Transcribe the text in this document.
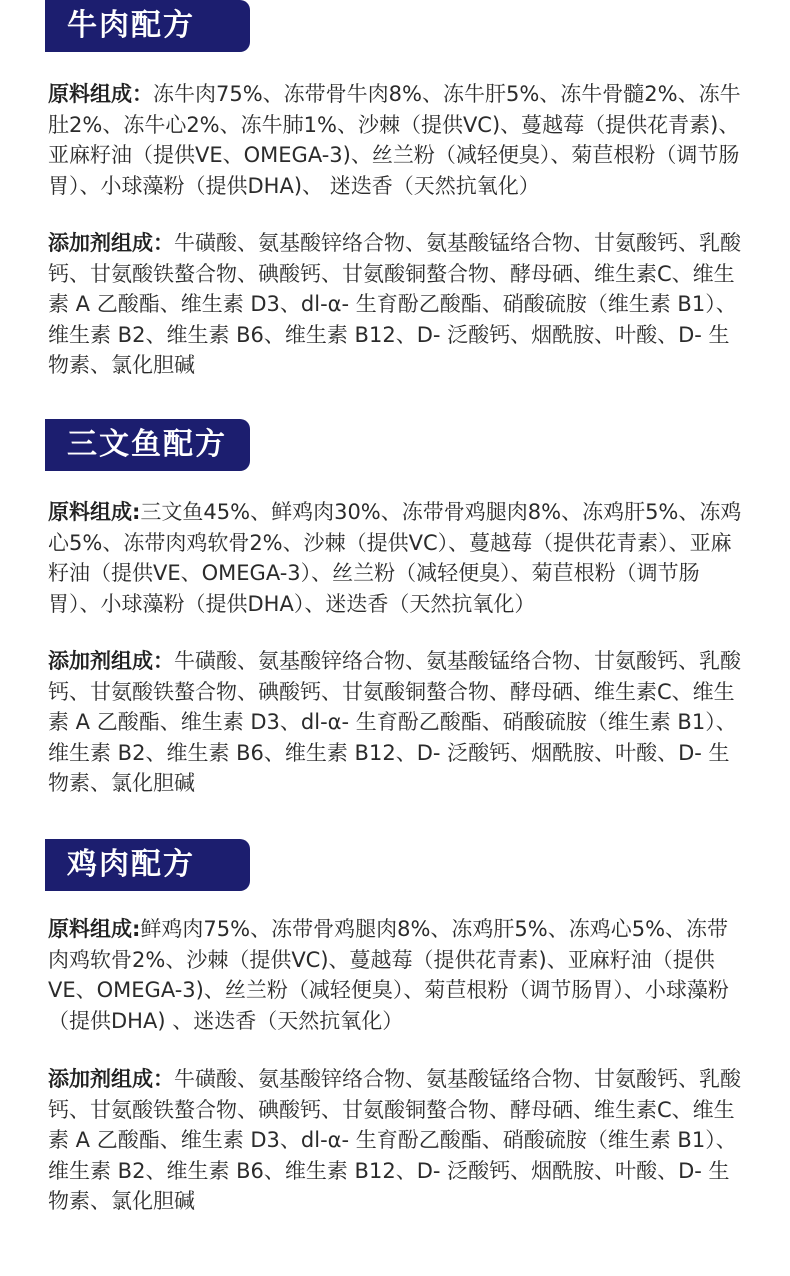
牛肉配方

原料组成：冻牛肉75%、冻带骨牛肉8%、冻牛肝5%、冻牛骨髓2%、冻牛肚2%、冻牛心2%、冻牛肺1%、沙棘（提供VC)、蔓越莓（提供花青素)、亚麻籽油（提供VE、OMEGA-3)、丝兰粉（减轻便臭）、菊苣根粉（调节肠胃）、小球藻粉（提供DHA)、 迷迭香（天然抗氧化）

添加剂组成：牛磺酸、氨基酸锌络合物、氨基酸锰络合物、甘氨酸钙、乳酸钙、甘氨酸铁螯合物、碘酸钙、甘氨酸铜螯合物、酵母硒、维生素C、维生素 A 乙酸酯、维生素 D3、dl-α- 生育酚乙酸酯、硝酸硫胺（维生素 B1）、维生素 B2、维生素 B6、维生素 B12、D- 泛酸钙、烟酰胺、叶酸、D- 生物素、氯化胆碱

三文鱼配方

原料组成:三文鱼45%、鲜鸡肉30%、冻带骨鸡腿肉8%、冻鸡肝5%、冻鸡心5%、冻带肉鸡软骨2%、沙棘（提供VC）、蔓越莓（提供花青素）、亚麻籽油（提供VE、OMEGA-3）、丝兰粉（减轻便臭）、菊苣根粉（调节肠胃）、小球藻粉（提供DHA）、迷迭香（天然抗氧化）

添加剂组成：牛磺酸、氨基酸锌络合物、氨基酸锰络合物、甘氨酸钙、乳酸钙、甘氨酸铁螯合物、碘酸钙、甘氨酸铜螯合物、酵母硒、维生素C、维生素 A 乙酸酯、维生素 D3、dl-α- 生育酚乙酸酯、硝酸硫胺（维生素 B1）、维生素 B2、维生素 B6、维生素 B12、D- 泛酸钙、烟酰胺、叶酸、D- 生物素、氯化胆碱

鸡肉配方

原料组成:鲜鸡肉75%、冻带骨鸡腿肉8%、冻鸡肝5%、冻鸡心5%、冻带肉鸡软骨2%、沙棘（提供VC)、蔓越莓（提供花青素)、亚麻籽油（提供VE、OMEGA-3)、丝兰粉（减轻便臭）、菊苣根粉（调节肠胃）、小球藻粉（提供DHA) 、迷迭香（天然抗氧化）

添加剂组成：牛磺酸、氨基酸锌络合物、氨基酸锰络合物、甘氨酸钙、乳酸钙、甘氨酸铁螯合物、碘酸钙、甘氨酸铜螯合物、酵母硒、维生素C、维生素 A 乙酸酯、维生素 D3、dl-α- 生育酚乙酸酯、硝酸硫胺（维生素 B1）、维生素 B2、维生素 B6、维生素 B12、D- 泛酸钙、烟酰胺、叶酸、D- 生物素、氯化胆碱
